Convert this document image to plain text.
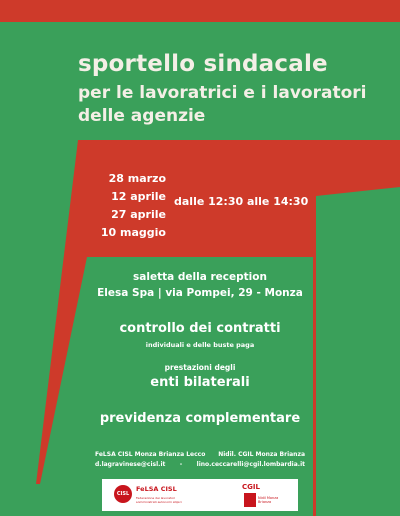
sportello sindacale
per le lavoratrici e i lavoratori
delle agenzie
28 marzo
12 aprile
27 aprile
10 maggio
dalle 12:30 alle 14:30
saletta della reception
Elesa Spa | via Pompei, 29 - Monza
controllo dei contratti
individuali e delle buste paga
prestazioni degli
enti bilaterali
previdenza complementare
FeLSA CISL Monza Brianza Lecco Nidil. CGIL Monza Brianza
d.lagravinese@cisl.it - lino.ceccarelli@cgil.lombardia.it
CISL
FeLSA CISL
Federazione dei lavoratori somministrati autonomi atipici
CGIL
Nidil Monza Brianza
